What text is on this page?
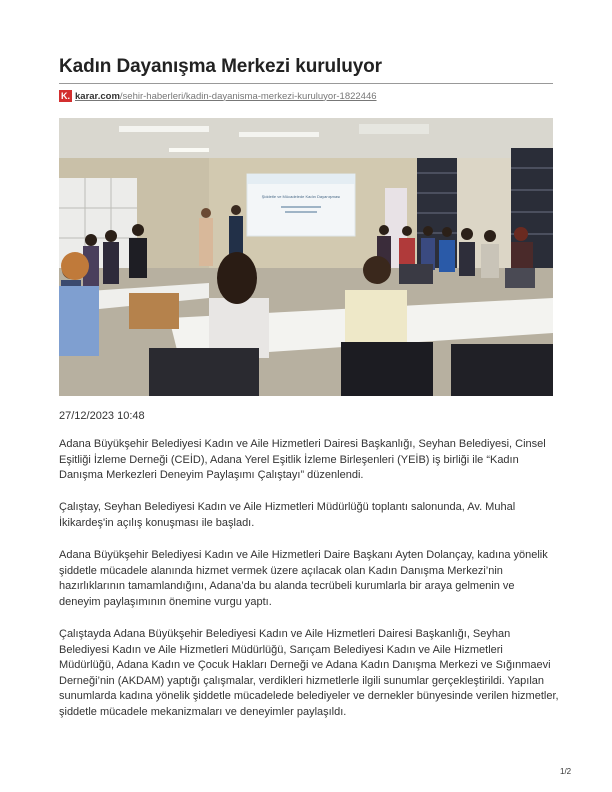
Kadın Dayanışma Merkezi kuruluyor
K. karar.com/sehir-haberleri/kadin-dayanisma-merkezi-kuruluyor-1822446
Şiddetle ve Mücadelede Kadın Dayanışması
27/12/2023 10:48

Adana Büyükşehir Belediyesi Kadın ve Aile Hizmetleri Dairesi Başkanlığı, Seyhan Belediyesi, Cinsel Eşitliği İzleme Derneği (CEİD), Adana Yerel Eşitlik İzleme Birleşenleri (YEİB) iş birliği ile “Kadın Danışma Merkezleri Deneyim Paylaşımı Çalıştayı” düzenlendi.

Çalıştay, Seyhan Belediyesi Kadın ve Aile Hizmetleri Müdürlüğü toplantı salonunda, Av. Muhal İkikardeş'in açılış konuşması ile başladı.

Adana Büyükşehir Belediyesi Kadın ve Aile Hizmetleri Daire Başkanı Ayten Dolançay, kadına yönelik şiddetle mücadele alanında hizmet vermek üzere açılacak olan Kadın Danışma Merkezi’nin hazırlıklarının tamamlandığını, Adana’da bu alanda tecrübeli kurumlarla bir araya gelmenin ve deneyim paylaşımının önemine vurgu yaptı.

Çalıştayda Adana Büyükşehir Belediyesi Kadın ve Aile Hizmetleri Dairesi Başkanlığı, Seyhan Belediyesi Kadın ve Aile Hizmetleri Müdürlüğü, Sarıçam Belediyesi Kadın ve Aile Hizmetleri Müdürlüğü, Adana Kadın ve Çocuk Hakları Derneği ve Adana Kadın Danışma Merkezi ve Sığınmaevi Derneği’nin (AKDAM) yaptığı çalışmalar, verdikleri hizmetlerle ilgili sunumlar gerçekleştirildi. Yapılan sunumlarda kadına yönelik şiddetle mücadelede belediyeler ve dernekler bünyesinde verilen hizmetler, şiddetle mücadele mekanizmaları ve deneyimler paylaşıldı.

1/2
